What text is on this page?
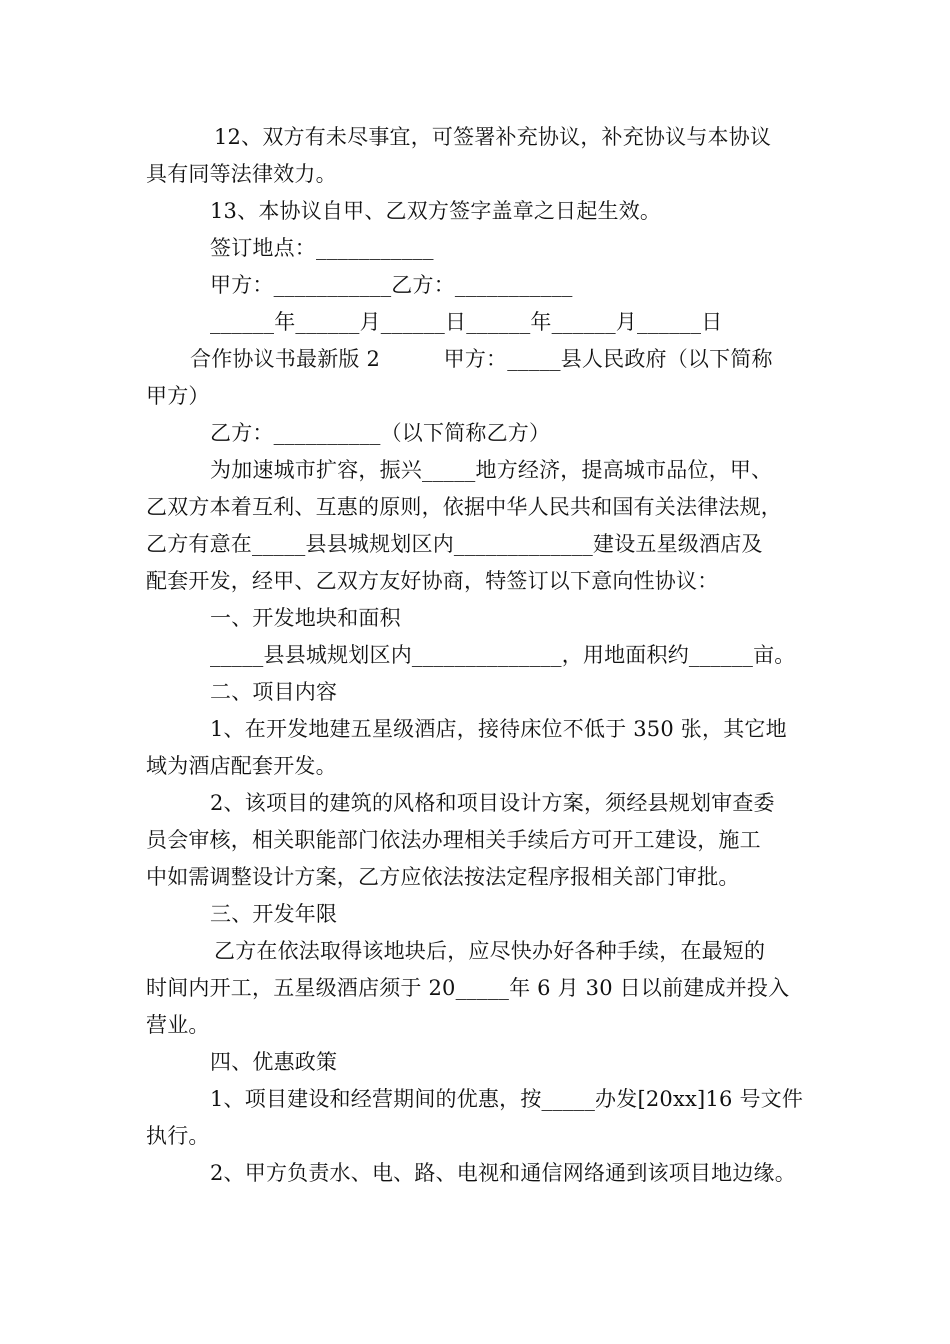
12、双方有未尽事宜，可签署补充协议，补充协议与本协议
具有同等法律效力。
13、本协议自甲、乙双方签字盖章之日起生效。
签订地点：___________
甲方：___________乙方：___________
______年______月______日______年______月______日
合作协议书最新版 2　　　甲方：_____县人民政府（以下简称
甲方）
乙方：__________（以下简称乙方）
为加速城市扩容，振兴_____地方经济，提高城市品位，甲、
乙双方本着互利、互惠的原则，依据中华人民共和国有关法律法规，
乙方有意在_____县县城规划区内_____________建设五星级酒店及
配套开发，经甲、乙双方友好协商，特签订以下意向性协议：
一、开发地块和面积
_____县县城规划区内______________，用地面积约______亩。
二、项目内容
1、在开发地建五星级酒店，接待床位不低于 350 张，其它地
域为酒店配套开发。
2、该项目的建筑的风格和项目设计方案，须经县规划审查委
员会审核，相关职能部门依法办理相关手续后方可开工建设，施工
中如需调整设计方案，乙方应依法按法定程序报相关部门审批。
三、开发年限
乙方在依法取得该地块后，应尽快办好各种手续，在最短的
时间内开工，五星级酒店须于 20_____年 6 月 30 日以前建成并投入
营业。
四、优惠政策
1、项目建设和经营期间的优惠，按_____办发[20xx]16 号文件
执行。
2、甲方负责水、电、路、电视和通信网络通到该项目地边缘。
